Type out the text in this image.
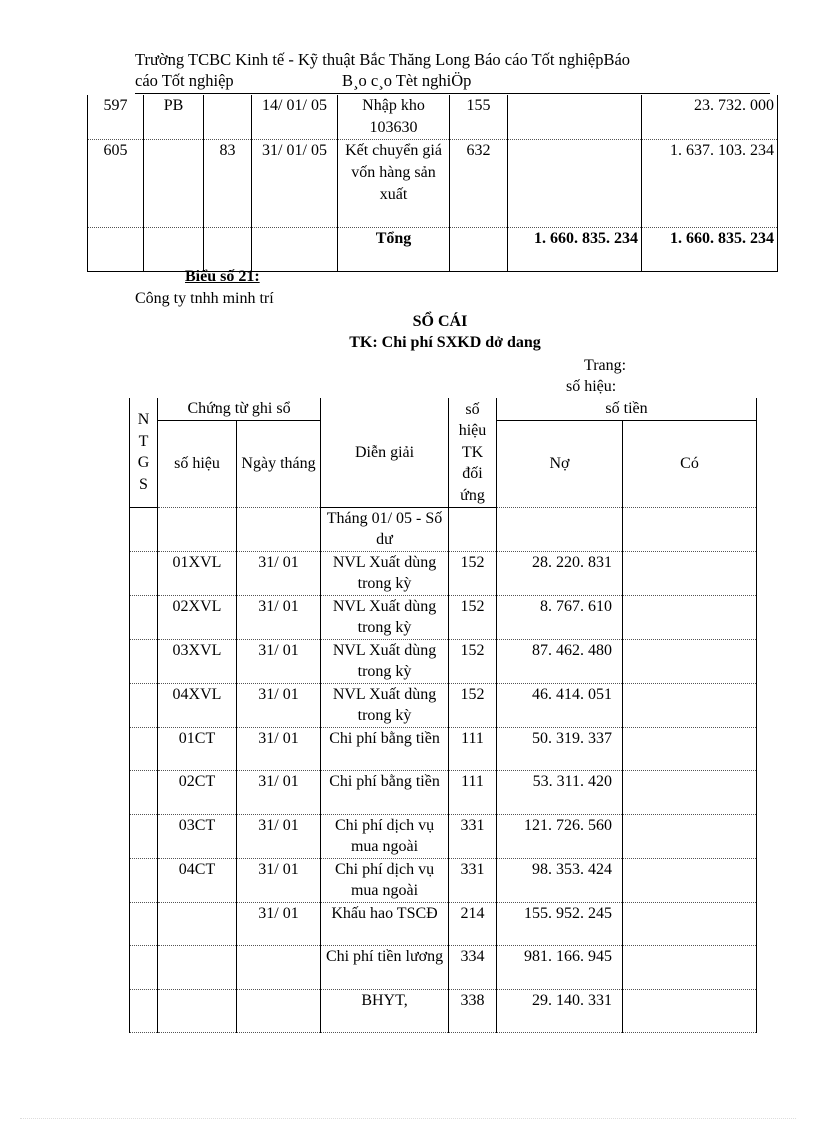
Trường TCBC Kinh tế - Kỹ thuật Bắc Thăng Long Báo cáo Tốt nghiệpBáo
cáo Tốt nghiệp	B¸o c¸o Tèt nghiÖp
597	PB		14/ 01/ 05	Nhập kho 103630	155		23. 732. 000
605		83	31/ 01/ 05	Kết chuyển giá vốn hàng sản xuất	632		1. 637. 103. 234
				Tổng		1. 660. 835. 234	1. 660. 835. 234
Biểu số 21:
Công ty tnhh minh trí
SỔ CÁI
TK: Chi phí SXKD dở dang
Trang:
số hiệu:
N
T
G
S	Chứng từ ghi sổ		Diễn giải	số hiệu TK đối ứng	số tiền	
	số hiệu	Ngày tháng			Nợ	Có
			Tháng 01/ 05 - Số dư			
	01XVL	31/ 01	NVL Xuất dùng trong kỳ	152	28. 220. 831	
	02XVL	31/ 01	NVL Xuất dùng trong kỳ	152	8. 767. 610	
	03XVL	31/ 01	NVL Xuất dùng trong kỳ	152	87. 462. 480	
	04XVL	31/ 01	NVL Xuất dùng trong kỳ	152	46. 414. 051	
	01CT	31/ 01	Chi phí bằng tiền	111	50. 319. 337	
	02CT	31/ 01	Chi phí bằng tiền	111	53. 311. 420	
	03CT	31/ 01	Chi phí dịch vụ mua ngoài	331	121. 726. 560	
	04CT	31/ 01	Chi phí dịch vụ mua ngoài	331	98. 353. 424	
		31/ 01	Khấu hao TSCĐ	214	155. 952. 245	
			Chi phí tiền lương	334	981. 166. 945	
			BHYT,	338	29. 140. 331	
